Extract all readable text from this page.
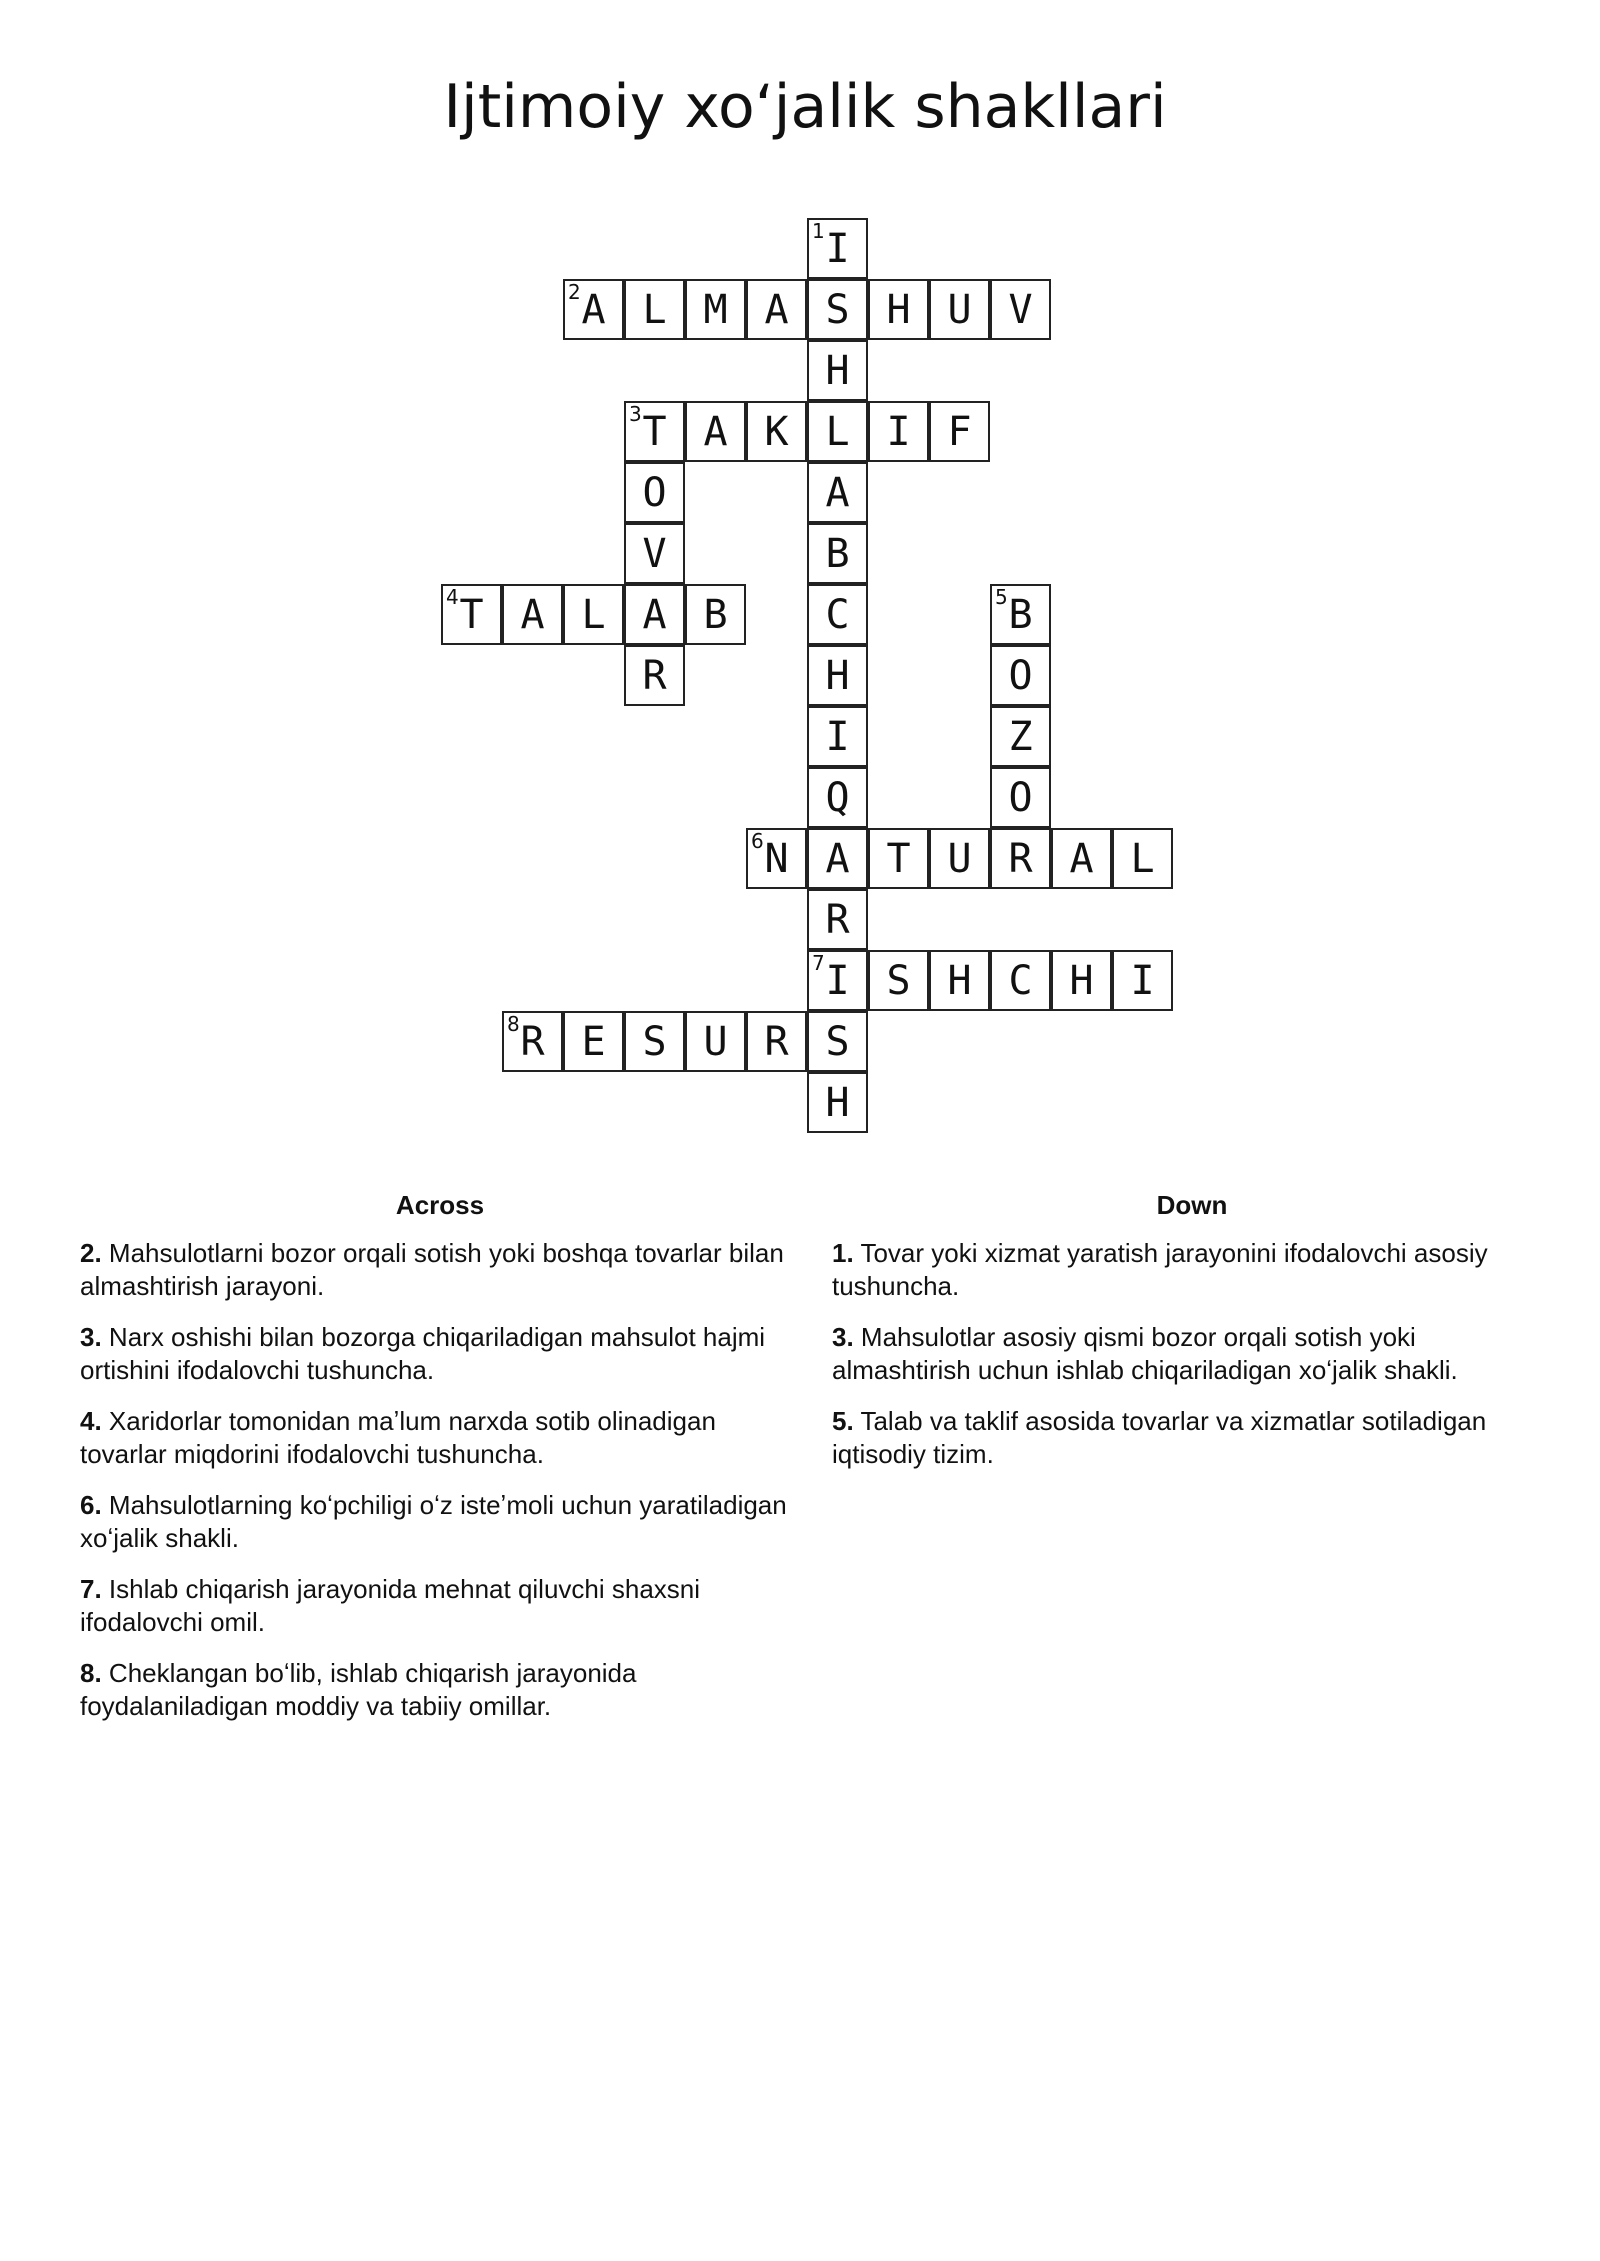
Ijtimoiy xoʻjalik shakllari
1 I
2 A L M A S H U V
H
3 T A K L I F
O	A
V	B
4 T A L A B	C	5 B
R	H	O
I	Z
Q	O
6 N A T U R A L
R
7 I S H C H I
8 R E S U R S
H
Across
2. Mahsulotlarni bozor orqali sotish yoki boshqa tovarlar bilan almashtirish jarayoni.
3. Narx oshishi bilan bozorga chiqariladigan mahsulot hajmi ortishini ifodalovchi tushuncha.
4. Xaridorlar tomonidan maʼlum narxda sotib olinadigan tovarlar miqdorini ifodalovchi tushuncha.
6. Mahsulotlarning koʻpchiligi oʻz isteʼmoli uchun yaratiladigan xoʻjalik shakli.
7. Ishlab chiqarish jarayonida mehnat qiluvchi shaxsni ifodalovchi omil.
8. Cheklangan boʻlib, ishlab chiqarish jarayonida foydalaniladigan moddiy va tabiiy omillar.
Down
1. Tovar yoki xizmat yaratish jarayonini ifodalovchi asosiy tushuncha.
3. Mahsulotlar asosiy qismi bozor orqali sotish yoki almashtirish uchun ishlab chiqariladigan xoʻjalik shakli.
5. Talab va taklif asosida tovarlar va xizmatlar sotiladigan iqtisodiy tizim.
